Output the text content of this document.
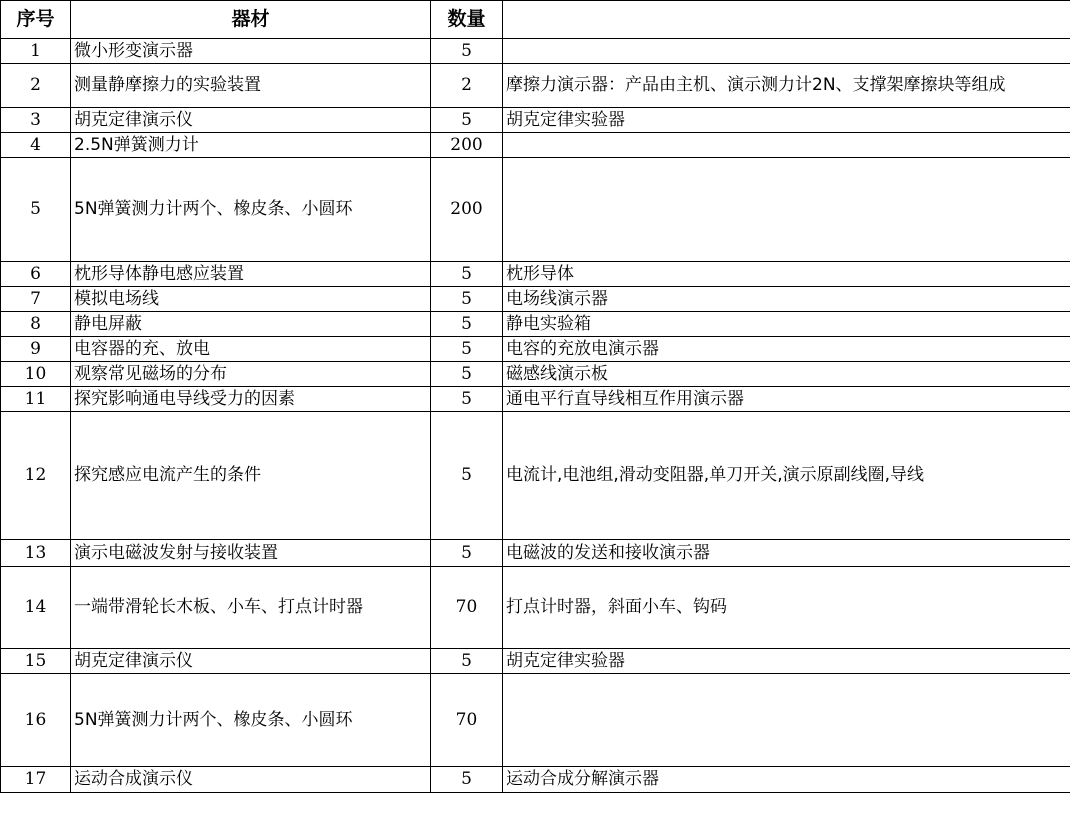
序号	器材	数量	
1	微小形变演示器	5	
2	测量静摩擦力的实验装置	2	摩擦力演示器：产品由主机、演示测力计2N、支撑架摩擦块等组成
3	胡克定律演示仪	5	胡克定律实验器
4	2.5N弹簧测力计	200	
5	5N弹簧测力计两个、橡皮条、小圆环	200	
6	枕形导体静电感应装置	5	枕形导体
7	模拟电场线	5	电场线演示器
8	静电屏蔽	5	静电实验箱
9	电容器的充、放电	5	电容的充放电演示器
10	观察常见磁场的分布	5	磁感线演示板
11	探究影响通电导线受力的因素	5	通电平行直导线相互作用演示器
12	探究感应电流产生的条件	5	电流计,电池组,滑动变阻器,单刀开关,演示原副线圈,导线
13	演示电磁波发射与接收装置	5	电磁波的发送和接收演示器
14	一端带滑轮长木板、小车、打点计时器	70	打点计时器，斜面小车、钩码
15	胡克定律演示仪	5	胡克定律实验器
16	5N弹簧测力计两个、橡皮条、小圆环	70	
17	运动合成演示仪	5	运动合成分解演示器
